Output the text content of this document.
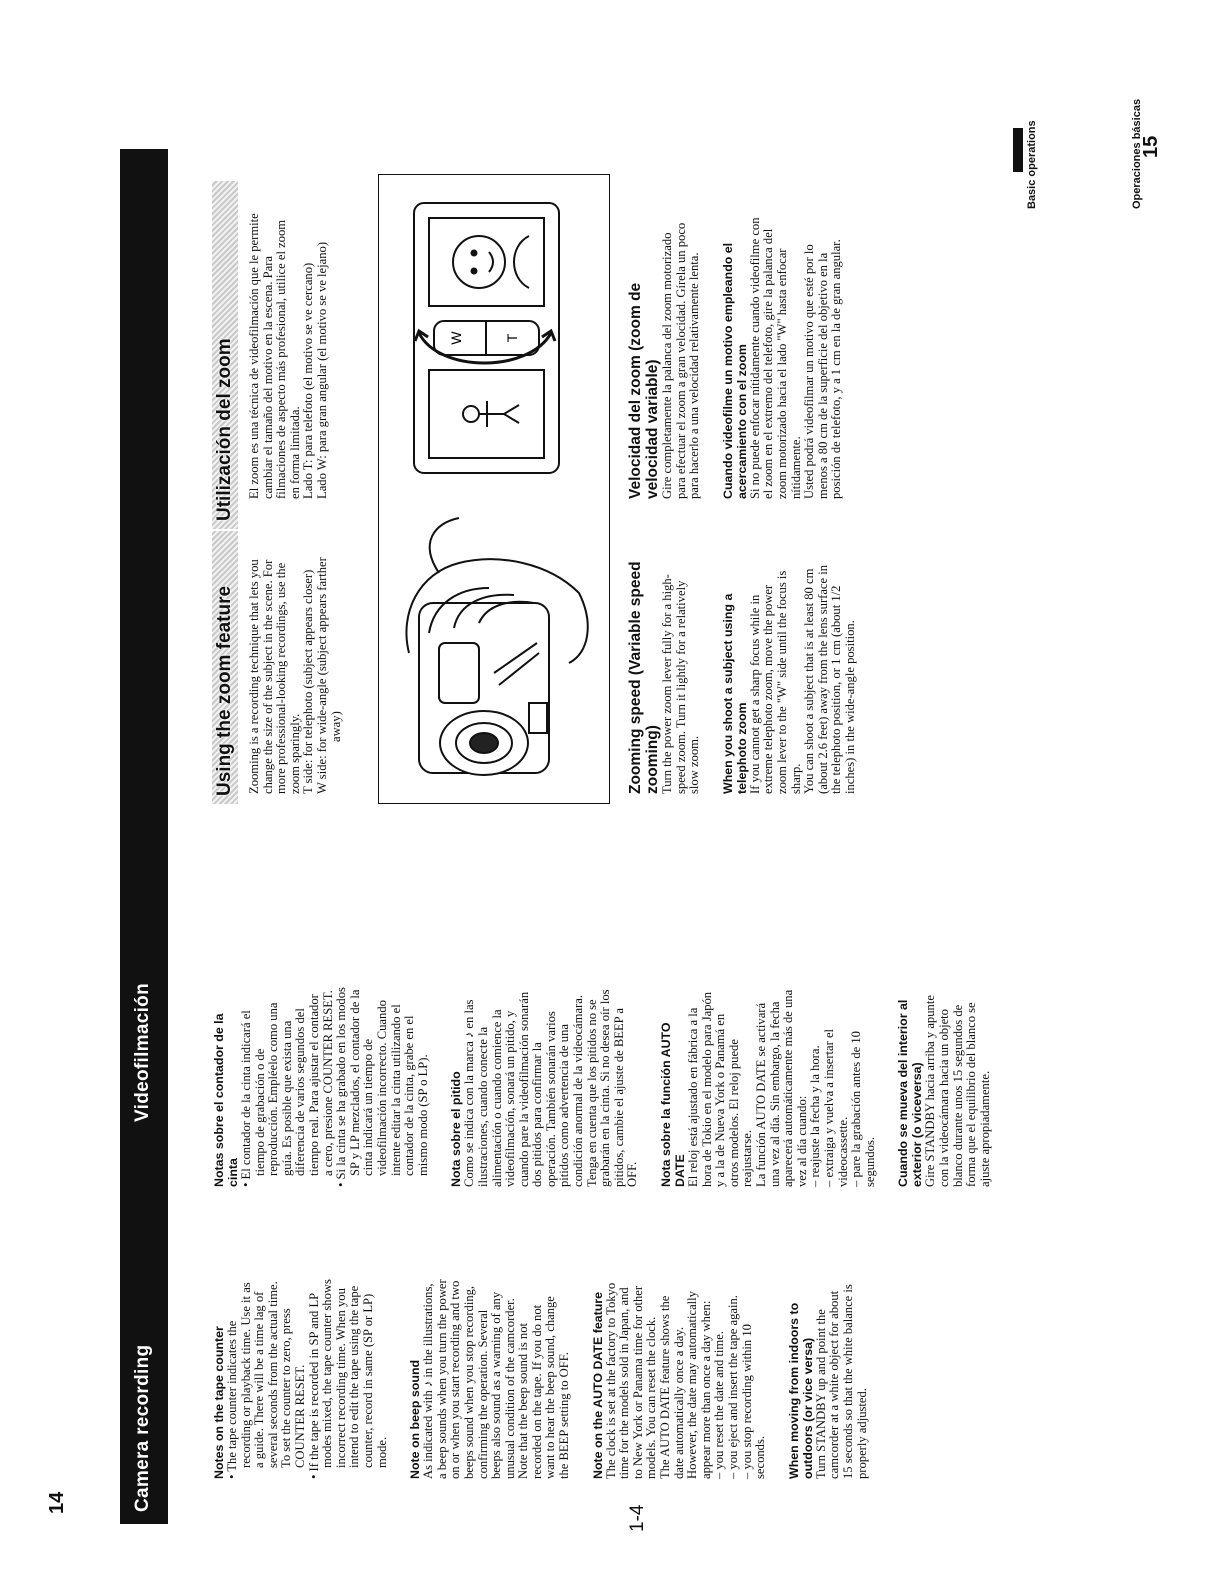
Camera recording
Videofilmación
Basic operations	Operaciones básicas
14
15
1-4

Notes on the tape counter • The tape counter indicates the recording or playback time. Use it as a guide. There will be a time lag of several seconds from the actual time. To set the counter to zero, press COUNTER RESET. • If the tape is recorded in SP and LP modes mixed, the tape counter shows incorrect recording time. When you intend to edit the tape using the tape counter, record in same (SP or LP) mode. Note on beep sound As indicated with ♪ in the illustrations, a beep sounds when you turn the power on or when you start recording and two beeps sound when you stop recording, confirming the operation. Several beeps also sound as a warning of any unusual condition of the camcorder. Note that the beep sound is not recorded on the tape. If you do not want to hear the beep sound, change the BEEP setting to OFF. Note on the AUTO DATE feature The clock is set at the factory to Tokyo time for the models sold in Japan, and to New York or Panama time for other models. You can reset the clock. The AUTO DATE feature shows the date automatically once a day. However, the date may automatically appear more than once a day when: – you reset the date and time. – you eject and insert the tape again. – you stop recording within 10 seconds. When moving from indoors to outdoors (or vice versa) Turn STANDBY up and point the camcorder at a white object for about 15 seconds so that the white balance is properly adjusted.

Notas sobre el contador de la cinta • El contador de la cinta indicará el tiempo de grabación o de reproducción. Empléelo como una guía. Es posible que exista una diferencia de varios segundos del tiempo real. Para ajustar el contador a cero, presione COUNTER RESET. • Si la cinta se ha grabado en los modos SP y LP mezclados, el contador de la cinta indicará un tiempo de videofilmación incorrecto. Cuando intente editar la cinta utilizando el contador de la cinta, grabe en el mismo modo (SP o LP). Nota sobre el pitido Como se indica con la marca ♪ en las ilustraciones, cuando conecte la alimentación o cuando comience la videofilmación, sonará un pitido, y cuando pare la videofilmación sonarán dos pitidos para confirmar la operación. También sonarán varios pitidos como advertencia de una condición anormal de la videocámara. Tenga en cuenta que los pitidos no se grabarán en la cinta. Si no desea oír los pitidos, cambie el ajuste de BEEP a OFF. Nota sobre la función AUTO DATE El reloj está ajustado en fábrica a la hora de Tokio en el modelo para Japón y a la de Nueva York o Panamá en otros modelos. El reloj puede reajustarse. La función AUTO DATE se activará una vez al día. Sin embargo, la fecha aparecerá automáticamente más de una vez al día cuando: – reajuste la fecha y la hora. – extraiga y vuelva a insertar el videocassette. – pare la grabación antes de 10 segundos. Cuando se mueva del interior al exterior (o viceversa) Gire STANDBY hacia arriba y apunte con la videocámara hacia un objeto blanco durante unos 15 segundos de forma que el equilibrio del blanco se ajuste apropiadamente.

Using the zoom feature
Utilización del zoom

Zooming is a recording technique that lets you change the size of the subject in the scene. For more professional-looking recordings, use the zoom sparingly. T side: for telephoto (subject appears closer) W side: for wide-angle (subject appears farther away)

El zoom es una técnica de videofilmación que le permite cambiar el tamaño del motivo en la escena. Para filmaciones de aspecto más profesional, utilice el zoom en forma limitada. Lado T: para telefoto (el motivo se ve cercano) Lado W: para gran angular (el motivo se ve lejano)	W	T

Zooming speed (Variable speed zooming) Turn the power zoom lever fully for a high-speed zoom. Turn it lightly for a relatively slow zoom. When you shoot a subject using a telephoto zoom If you cannot get a sharp focus while in extreme telephoto zoom, move the power zoom lever to the "W" side until the focus is sharp. You can shoot a subject that is at least 80 cm (about 2.6 feet) away from the lens surface in the telephoto position, or 1 cm (about 1/2 inches) in the wide-angle position.

Velocidad del zoom (zoom de velocidad variable) Gire completamente la palanca del zoom motorizado para efectuar el zoom a gran velocidad. Gírela un poco para hacerlo a una velocidad relativamente lenta. Cuando videofilme un motivo empleando el acercamiento con el zoom Si no puede enfocar nítidamente cuando videofilme con el zoom en el extremo del telefoto, gire la palanca del zoom motorizado hacia el lado "W" hasta enfocar nítidamente. Usted podrá videofilmar un motivo que esté por lo menos a 80 cm de la superficie del objetivo en la posición de telefoto, y a 1 cm en la de gran angular.
